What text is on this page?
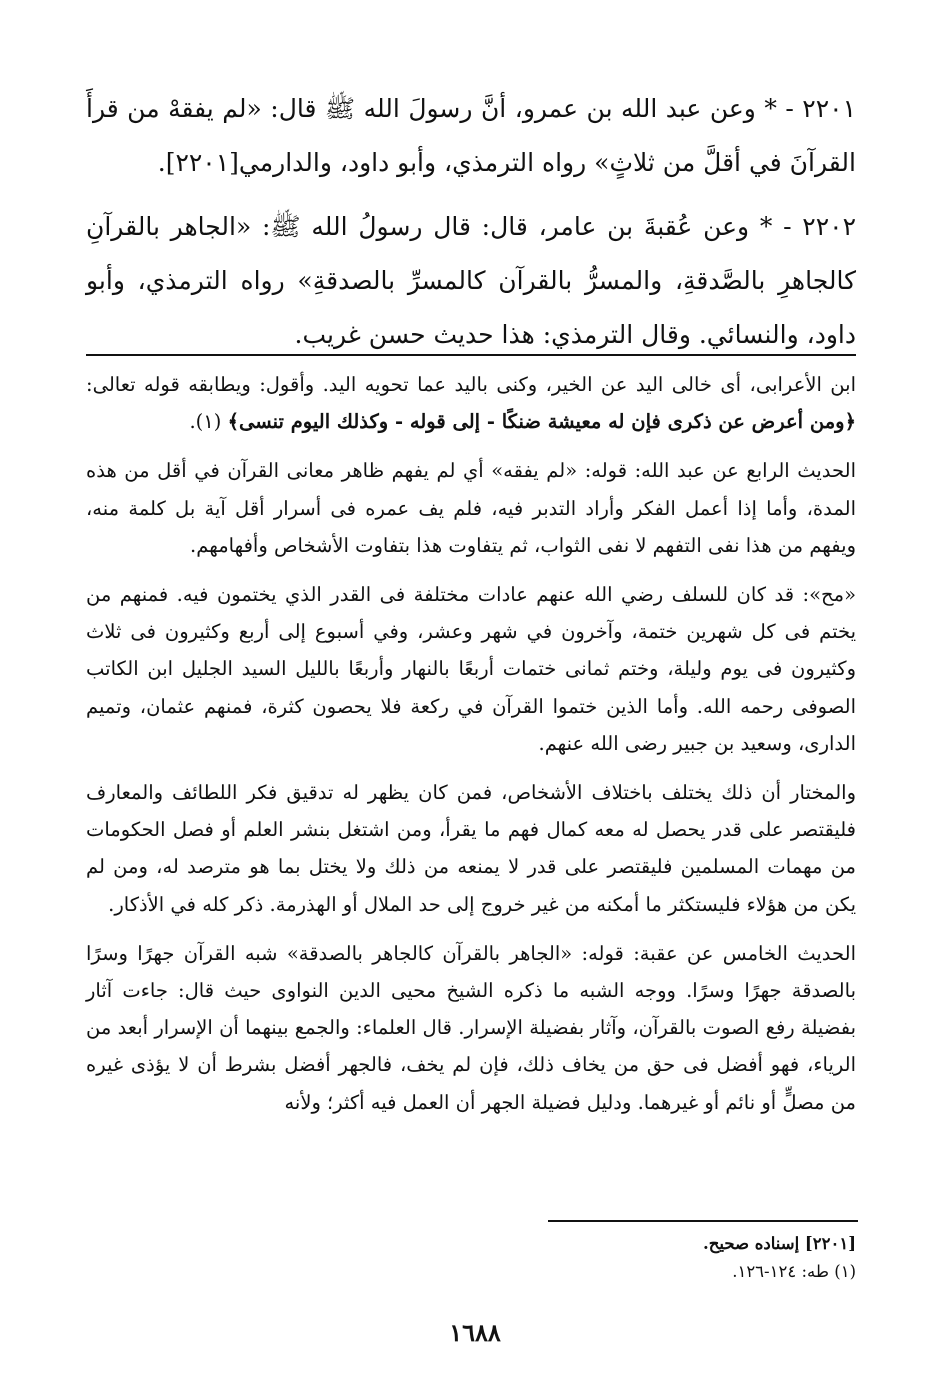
٢٢٠١ - * وعن عبد الله بن عمرو، أنَّ رسولَ الله ﷺ قال: «لم يفقهْ من قرأَ القرآنَ في أقلَّ من ثلاثٍ» رواه الترمذي، وأبو داود، والدارمي[٢٢٠١].

٢٢٠٢ - * وعن عُقبةَ بن عامر، قال: قال رسولُ الله ﷺ: «الجاهر بالقرآنِ كالجاهرِ بالصَّدقةِ، والمسرُّ بالقرآن كالمسرِّ بالصدقةِ» رواه الترمذي، وأبو داود، والنسائي. وقال الترمذي: هذا حديث حسن غريب.

ابن الأعرابى، أى خالى اليد عن الخير، وكنى باليد عما تحويه اليد. وأقول: ويطابقه قوله تعالى: ﴿ومن أعرض عن ذكرى فإن له معيشة ضنكًا - إلى قوله - وكذلك اليوم تنسى﴾ (١).

الحديث الرابع عن عبد الله: قوله: «لم يفقه» أي لم يفهم ظاهر معانى القرآن في أقل من هذه المدة، وأما إذا أعمل الفكر وأراد التدبر فيه، فلم يف عمره فى أسرار أقل آية بل كلمة منه، ويفهم من هذا نفى التفهم لا نفى الثواب، ثم يتفاوت هذا بتفاوت الأشخاص وأفهامهم.

«مح»: قد كان للسلف رضي الله عنهم عادات مختلفة فى القدر الذي يختمون فيه. فمنهم من يختم فى كل شهرين ختمة، وآخرون في شهر وعشر، وفي أسبوع إلى أربع وكثيرون فى ثلاث وكثيرون فى يوم وليلة، وختم ثمانى ختمات أربعًا بالنهار وأربعًا بالليل السيد الجليل ابن الكاتب الصوفى رحمه الله. وأما الذين ختموا القرآن في ركعة فلا يحصون كثرة، فمنهم عثمان، وتميم الدارى، وسعيد بن جبير رضى الله عنهم.

والمختار أن ذلك يختلف باختلاف الأشخاص، فمن كان يظهر له تدقيق فكر اللطائف والمعارف فليقتصر على قدر يحصل له معه كمال فهم ما يقرأ، ومن اشتغل بنشر العلم أو فصل الحكومات من مهمات المسلمين فليقتصر على قدر لا يمنعه من ذلك ولا يختل بما هو مترصد له، ومن لم يكن من هؤلاء فليستكثر ما أمكنه من غير خروج إلى حد الملال أو الهذرمة. ذكر كله في الأذكار.

الحديث الخامس عن عقبة: قوله: «الجاهر بالقرآن كالجاهر بالصدقة» شبه القرآن جهرًا وسرًا بالصدقة جهرًا وسرًا. ووجه الشبه ما ذكره الشيخ محيى الدين النواوى حيث قال: جاءت آثار بفضيلة رفع الصوت بالقرآن، وآثار بفضيلة الإسرار. قال العلماء: والجمع بينهما أن الإسرار أبعد من الرياء، فهو أفضل فى حق من يخاف ذلك، فإن لم يخف، فالجهر أفضل بشرط أن لا يؤذى غيره من مصلٍّ أو نائم أو غيرهما. ودليل فضيلة الجهر أن العمل فيه أكثر؛ ولأنه

[٢٢٠١] إسناده صحيح.

(١) طه: ١٢٤-١٢٦.

١٦٨٨
